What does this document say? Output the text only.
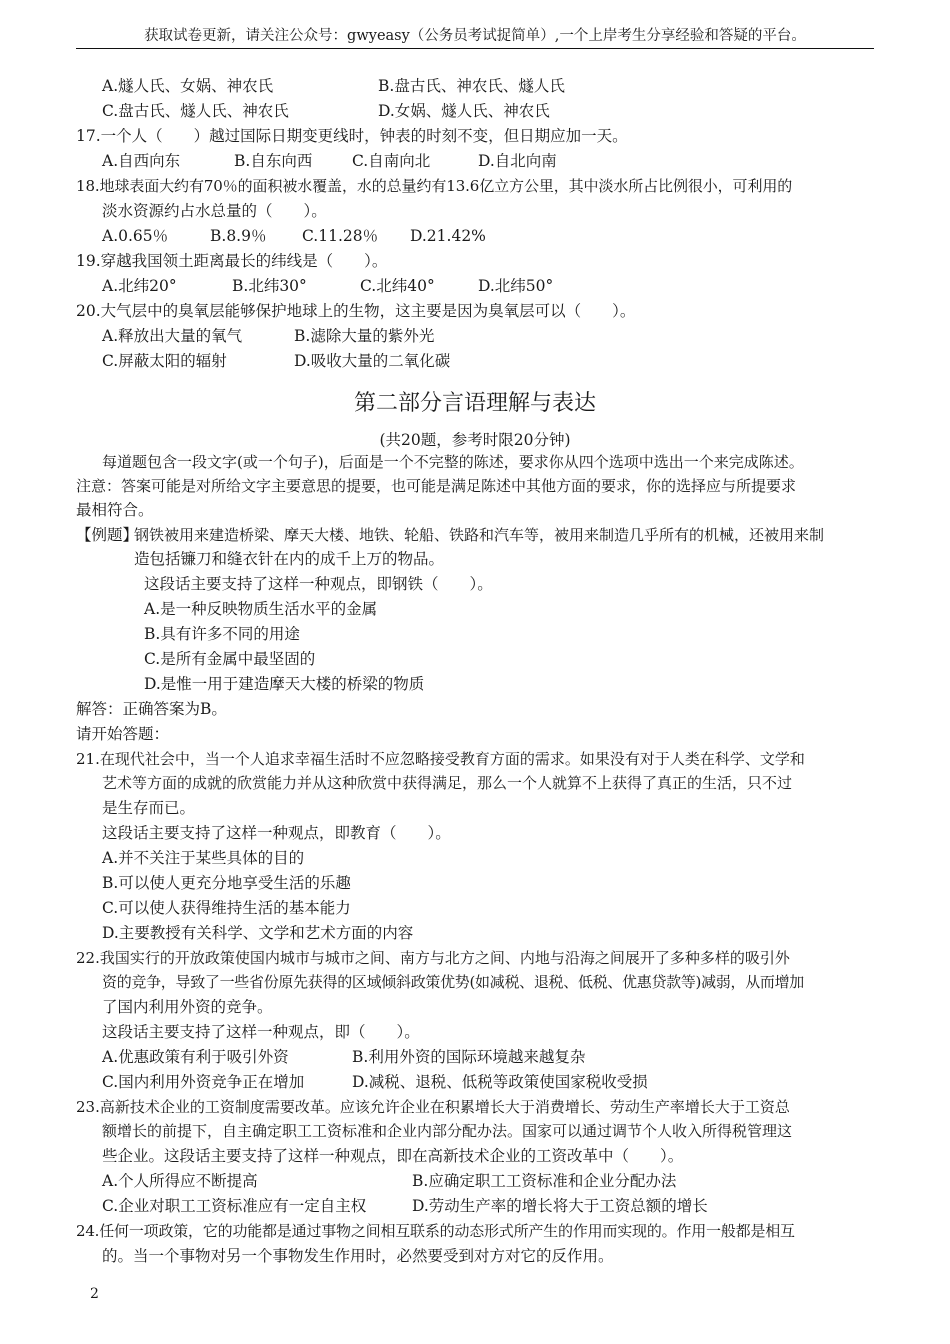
获取试卷更新，请关注公众号：gwyeasy（公务员考试捉简单）,一个上岸考生分享经验和答疑的平台。
A.燧人氏、女娲、神农氏	B.盘古氏、神农氏、燧人氏
C.盘古氏、燧人氏、神农氏	D.女娲、燧人氏、神农氏
17.一个人（　　）越过国际日期变更线时，钟表的时刻不变，但日期应加一天。
A.自西向东	B.自东向西	C.自南向北	D.自北向南
18.地球表面大约有70％的面积被水覆盖，水的总量约有13.6亿立方公里，其中淡水所占比例很小，可利用的
淡水资源约占水总量的（　　）。
A.0.65％	B.8.9％ C.11.28％ D.21.42%
19.穿越我国领土距离最长的纬线是（　　）。
A.北纬20°	B.北纬30°	C.北纬40°	D.北纬50°
20.大气层中的臭氧层能够保护地球上的生物，这主要是因为臭氧层可以（　　）。
A.释放出大量的氧气	B.滤除大量的紫外光
C.屏蔽太阳的辐射	D.吸收大量的二氧化碳
第二部分言语理解与表达
(共20题，参考时限20分钟)
每道题包含一段文字(或一个句子)，后面是一个不完整的陈述，要求你从四个选项中选出一个来完成陈述。
注意：答案可能是对所给文字主要意思的提要，也可能是满足陈述中其他方面的要求，你的选择应与所提要求
最相符合。
【例题】
钢铁被用来建造桥梁、摩天大楼、地铁、轮船、铁路和汽车等，被用来制造几乎所有的机械，还被用来制
造包括镰刀和缝衣针在内的成千上万的物品。
这段话主要支持了这样一种观点，即钢铁（　　）。
A.是一种反映物质生活水平的金属
B.具有许多不同的用途
C.是所有金属中最坚固的
D.是惟一用于建造摩天大楼的桥梁的物质
解答：正确答案为B。
请开始答题：
21.在现代社会中，当一个人追求幸福生活时不应忽略接受教育方面的需求。如果没有对于人类在科学、文学和
艺术等方面的成就的欣赏能力并从这种欣赏中获得满足，那么一个人就算不上获得了真正的生活，只不过
是生存而已。
这段话主要支持了这样一种观点，即教育（　　）。
A.并不关注于某些具体的目的
B.可以使人更充分地享受生活的乐趣
C.可以使人获得维持生活的基本能力
D.主要教授有关科学、文学和艺术方面的内容
22.我国实行的开放政策使国内城市与城市之间、南方与北方之间、内地与沿海之间展开了多种多样的吸引外
资的竞争，导致了一些省份原先获得的区域倾斜政策优势(如减税、退税、低税、优惠贷款等)减弱，从而增加
了国内利用外资的竞争。
这段话主要支持了这样一种观点，即（　　）。
A.优惠政策有利于吸引外资	B.利用外资的国际环境越来越复杂
C.国内利用外资竞争正在增加	D.减税、退税、低税等政策使国家税收受损
23.高新技术企业的工资制度需要改革。应该允许企业在积累增长大于消费增长、劳动生产率增长大于工资总
额增长的前提下，自主确定职工工资标准和企业内部分配办法。国家可以通过调节个人收入所得税管理这
些企业。这段话主要支持了这样一种观点，即在高新技术企业的工资改革中（　　）。
A.个人所得应不断提高	B.应确定职工工资标准和企业分配办法
C.企业对职工工资标准应有一定自主权	D.劳动生产率的增长将大于工资总额的增长
24.任何一项政策，它的功能都是通过事物之间相互联系的动态形式所产生的作用而实现的。作用一般都是相互
的。当一个事物对另一个事物发生作用时，必然要受到对方对它的反作用。
2
